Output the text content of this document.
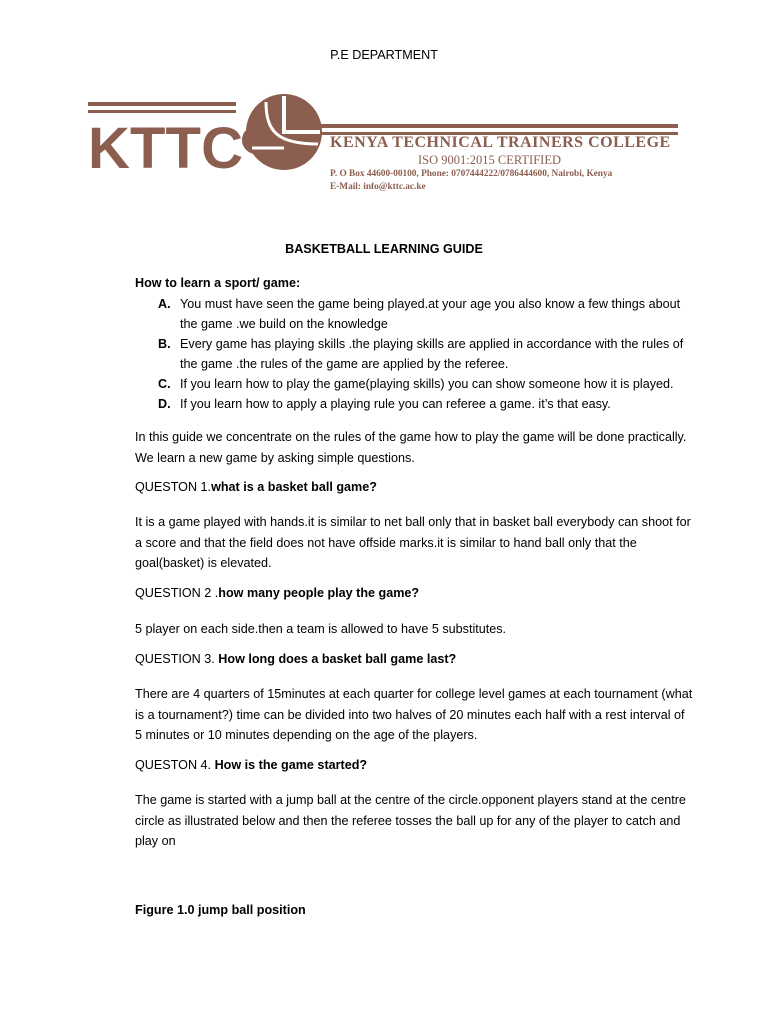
P.E DEPARTMENT
KTTC	KENYA TECHNICAL TRAINERS COLLEGE
ISO 9001:2015 CERTIFIED
P. O Box 44600-00100, Phone: 0707444222/0786444600, Nairobi, Kenya
E-Mail: info@kttc.ac.ke
BASKETBALL LEARNING GUIDE
How to learn a sport/ game:
A. You must have seen the game being played.at your age you also know a few things about the game .we build on the knowledge
B. Every game has playing skills .the playing skills are applied in accordance with the rules of the game .the rules of the game are applied by the referee.
C. If you learn how to play the game(playing skills) you can show someone how it is played.
D. If you learn how to apply a playing rule you can referee a game. it’s that easy.

In this guide we concentrate on the rules of the game how to play the game will be done practically. We learn a new game by asking simple questions.

QUESTON 1.what is a basket ball game?

It is a game played with hands.it is similar to net ball only that in basket ball everybody can shoot for a score and that the field does not have offside marks.it is similar to hand ball only that the goal(basket) is elevated.

QUESTION 2 .how many people play the game?

5 player on each side.then a team is allowed to have 5 substitutes.

QUESTION 3. How long does a basket ball game last?

There are 4 quarters of 15minutes at each quarter for college level games at each tournament (what is a tournament?) time can be divided into two halves of 20 minutes each half with a rest interval of 5 minutes or 10 minutes depending on the age of the players.

QUESTON 4. How is the game started?

The game is started with a jump ball at the centre of the circle.opponent players stand at the centre circle as illustrated below and then the referee tosses the ball up for any of the player to catch and play on

Figure 1.0 jump ball position
